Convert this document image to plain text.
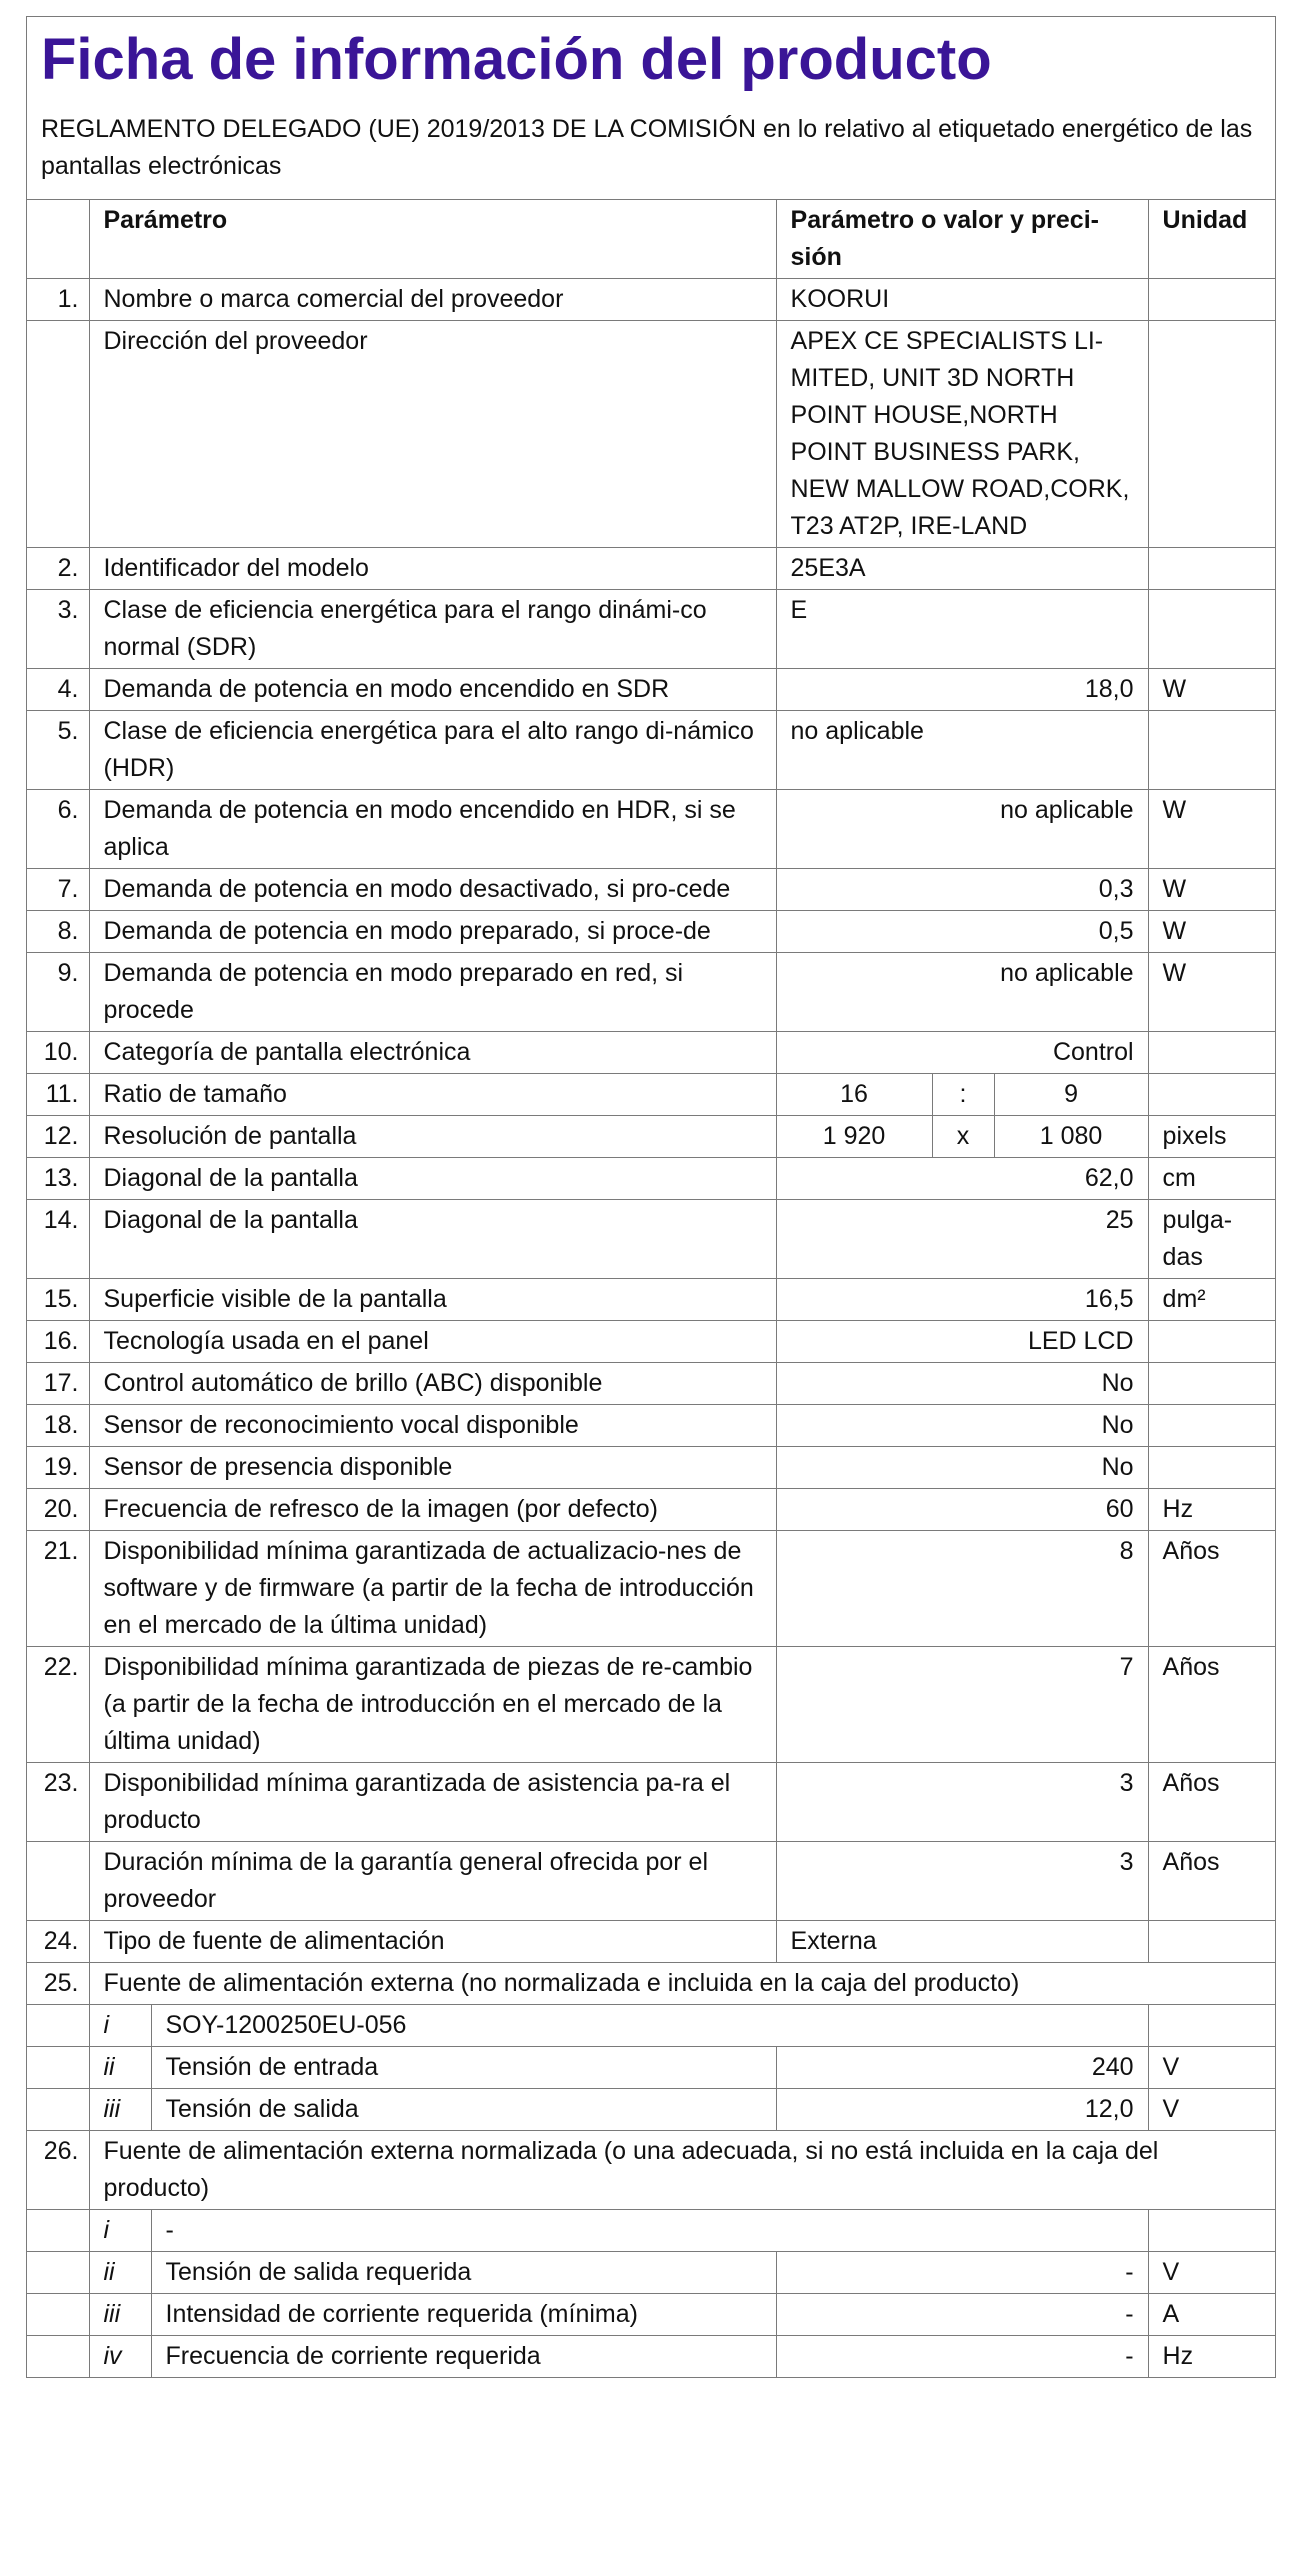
Ficha de información del producto
REGLAMENTO DELEGADO (UE) 2019/2013 DE LA COMISIÓN en lo relativo al etiquetado energético de las pantallas electrónicas
	Parámetro		Parámetro o valor y preci-sión			Unidad
1.	Nombre o marca comercial del proveedor		KOORUI			
	Dirección del proveedor		APEX CE SPECIALISTS LI-MITED, UNIT 3D NORTH POINT HOUSE,NORTH POINT BUSINESS PARK, NEW MALLOW ROAD,CORK, T23 AT2P, IRE-LAND			
2.	Identificador del modelo		25E3A			
3.	Clase de eficiencia energética para el rango dinámi-co normal (SDR)		E			
4.	Demanda de potencia en modo encendido en SDR		18,0			W
5.	Clase de eficiencia energética para el alto rango di-námico (HDR)		no aplicable			
6.	Demanda de potencia en modo encendido en HDR, si se aplica		no aplicable			W
7.	Demanda de potencia en modo desactivado, si pro-cede		0,3			W
8.	Demanda de potencia en modo preparado, si proce-de		0,5			W
9.	Demanda de potencia en modo preparado en red, si procede		no aplicable			W
10.	Categoría de pantalla electrónica		Control			
11.	Ratio de tamaño		16	:	9	
12.	Resolución de pantalla		1 920	x	1 080	pixels
13.	Diagonal de la pantalla		62,0			cm
14.	Diagonal de la pantalla		25			pulga-das
15.	Superficie visible de la pantalla		16,5			dm²
16.	Tecnología usada en el panel		LED LCD			
17.	Control automático de brillo (ABC) disponible		No			
18.	Sensor de reconocimiento vocal disponible		No			
19.	Sensor de presencia disponible		No			
20.	Frecuencia de refresco de la imagen (por defecto)		60			Hz
21.	Disponibilidad mínima garantizada de actualizacio-nes de software y de firmware (a partir de la fecha de introducción en el mercado de la última unidad)		8			Años
22.	Disponibilidad mínima garantizada de piezas de re-cambio (a partir de la fecha de introducción en el mercado de la última unidad)		7			Años
23.	Disponibilidad mínima garantizada de asistencia pa-ra el producto		3			Años
	Duración mínima de la garantía general ofrecida por el proveedor		3			Años
24.	Tipo de fuente de alimentación		Externa			
25.	Fuente de alimentación externa (no normalizada e incluida en la caja del producto)					
	i	SOY-1200250EU-056				
	ii	Tensión de entrada	240			V
	iii	Tensión de salida	12,0			V
26.	Fuente de alimentación externa normalizada (o una adecuada, si no está incluida en la caja del producto)					
	i	-				
	ii	Tensión de salida requerida	-			V
	iii	Intensidad de corriente requerida (mínima)	-			A
	iv	Frecuencia de corriente requerida	-			Hz
